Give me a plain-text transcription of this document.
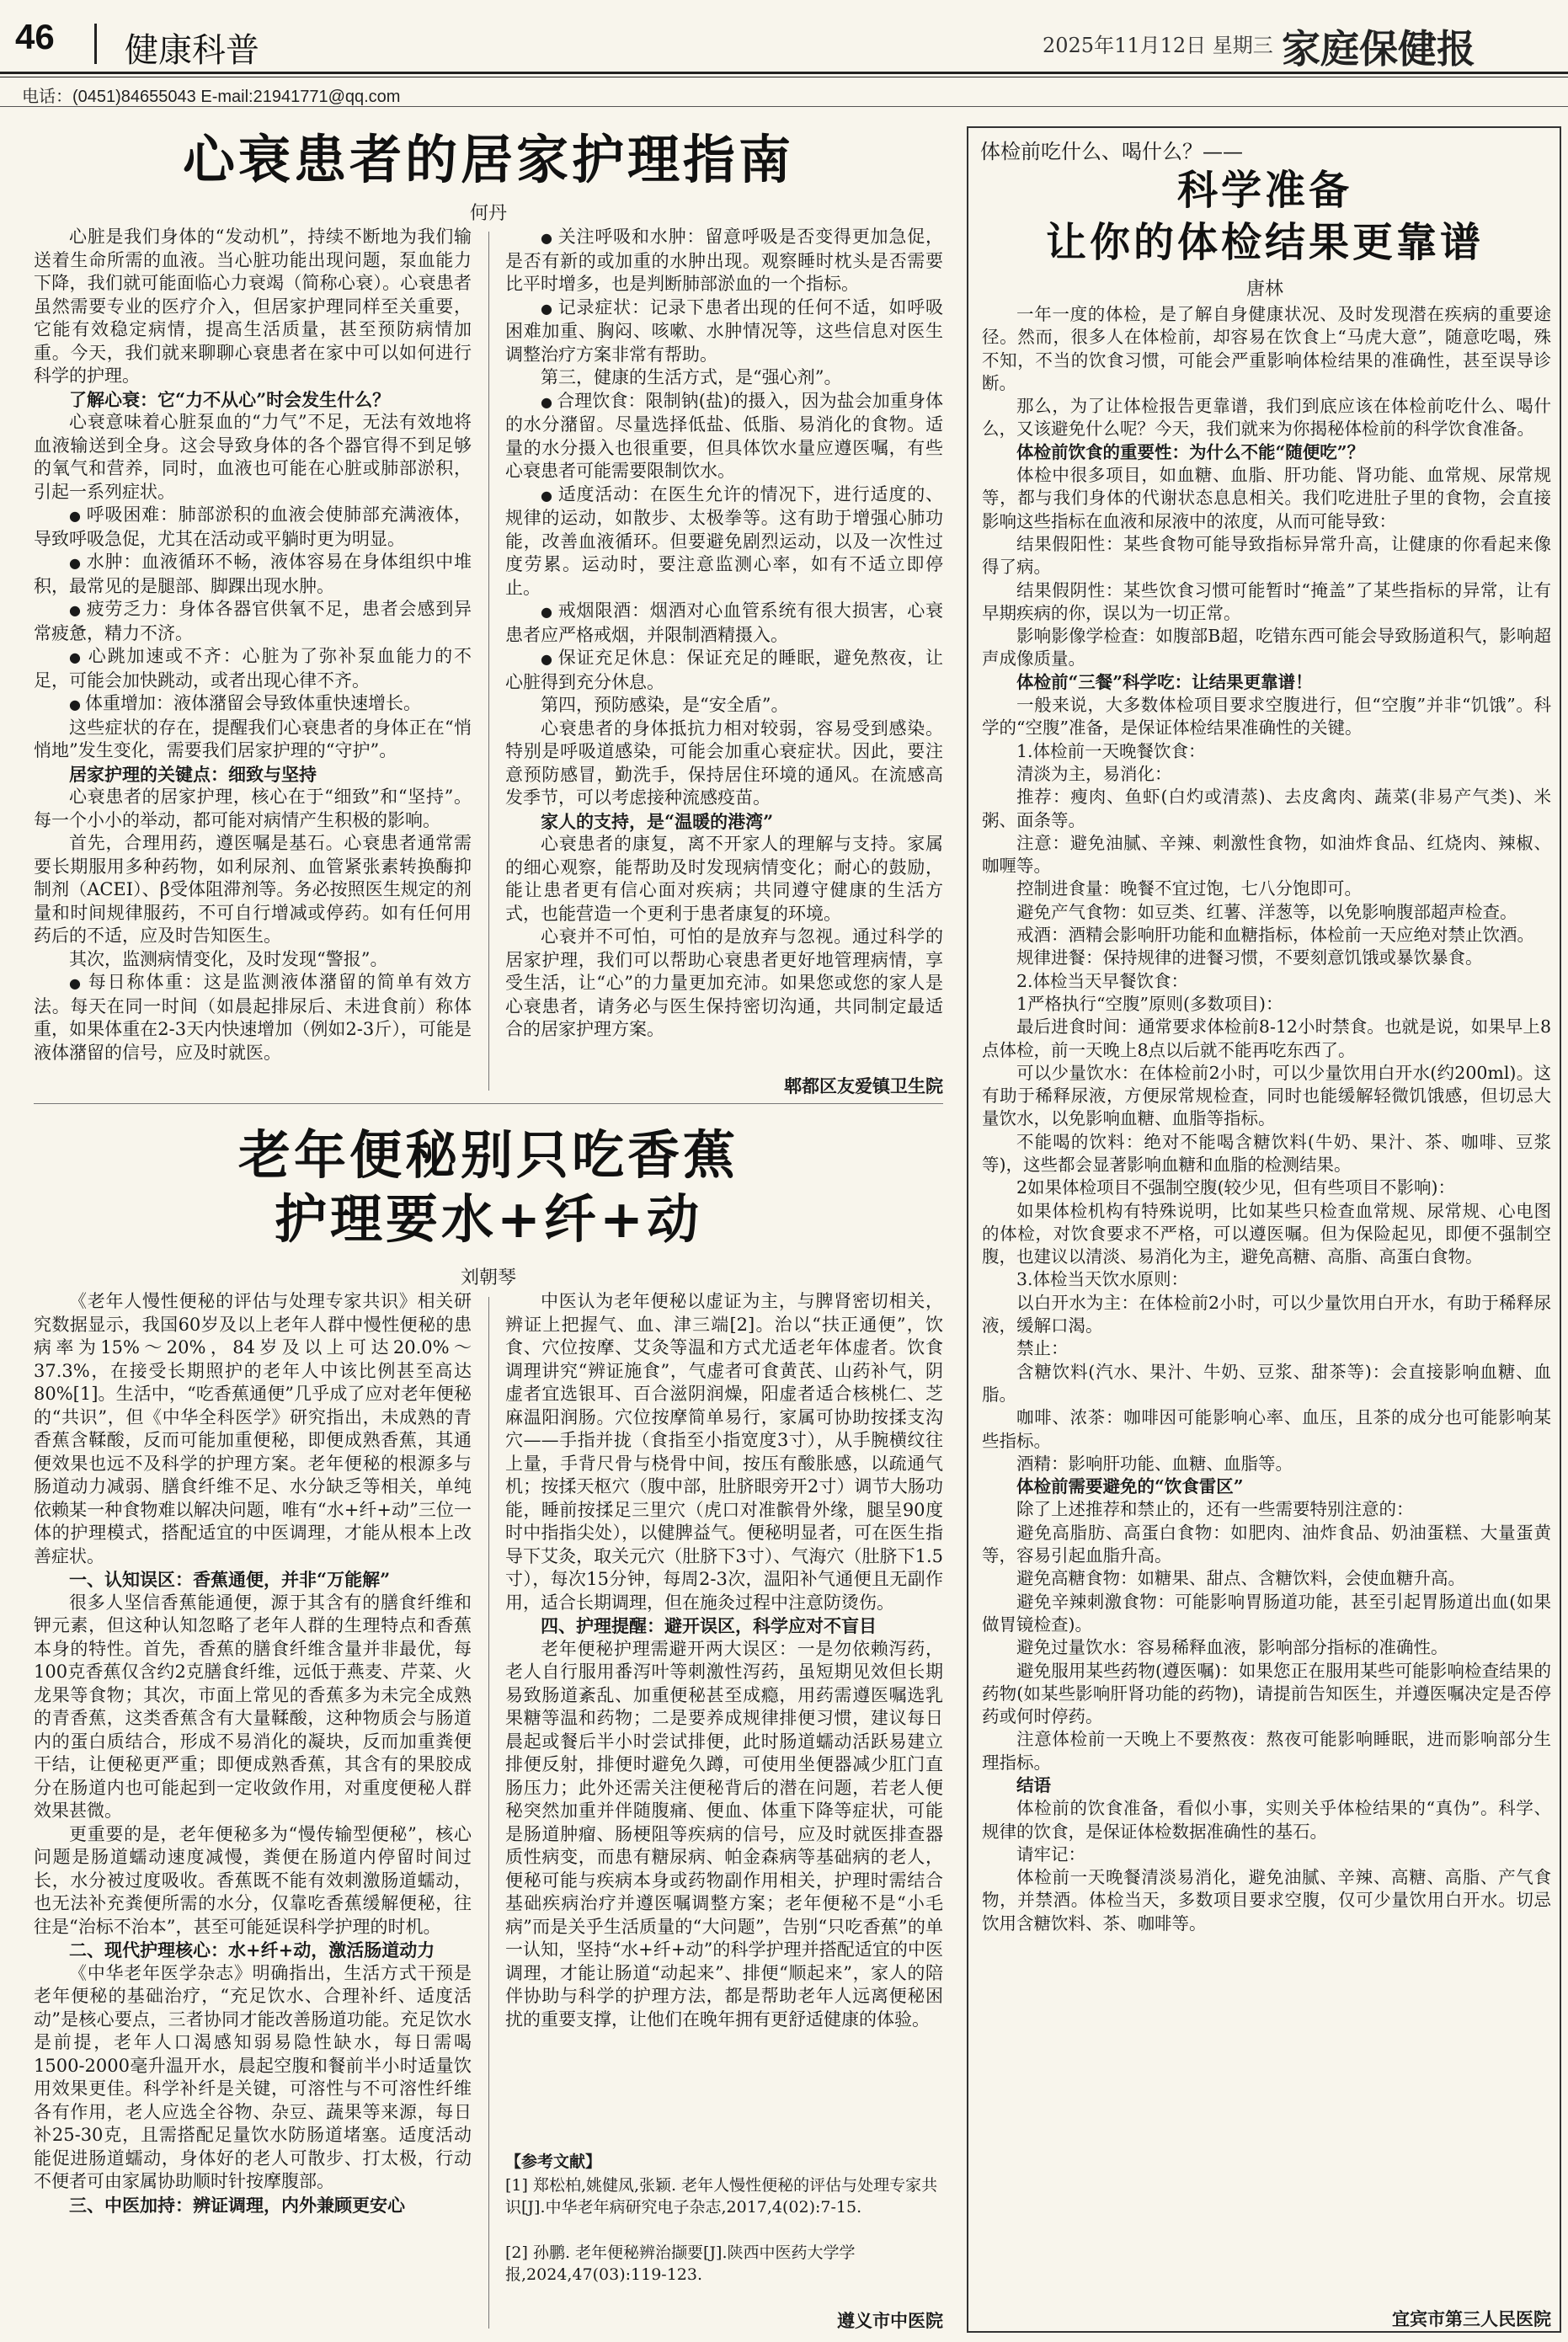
46 健康科普	2025年11月12日 星期三 家庭保健报
电话：(0451)84655043 E-mail:21941771@qq.com
心衰患者的居家护理指南
何丹

心脏是我们身体的“发动机”，持续不断地为我们输送着生命所需的血液。当心脏功能出现问题，泵血能力下降，我们就可能面临心力衰竭（简称心衰）。心衰患者虽然需要专业的医疗介入，但居家护理同样至关重要，它能有效稳定病情，提高生活质量，甚至预防病情加重。今天，我们就来聊聊心衰患者在家中可以如何进行科学的护理。

了解心衰：它“力不从心”时会发生什么？

心衰意味着心脏泵血的“力气”不足，无法有效地将血液输送到全身。这会导致身体的各个器官得不到足够的氧气和营养，同时，血液也可能在心脏或肺部淤积，引起一系列症状。

● 呼吸困难：肺部淤积的血液会使肺部充满液体，导致呼吸急促，尤其在活动或平躺时更为明显。

● 水肿：血液循环不畅，液体容易在身体组织中堆积，最常见的是腿部、脚踝出现水肿。

● 疲劳乏力：身体各器官供氧不足，患者会感到异常疲惫，精力不济。

● 心跳加速或不齐：心脏为了弥补泵血能力的不足，可能会加快跳动，或者出现心律不齐。

● 体重增加：液体潴留会导致体重快速增长。

这些症状的存在，提醒我们心衰患者的身体正在“悄悄地”发生变化，需要我们居家护理的“守护”。

居家护理的关键点：细致与坚持

心衰患者的居家护理，核心在于“细致”和“坚持”。每一个小小的举动，都可能对病情产生积极的影响。

首先，合理用药，遵医嘱是基石。心衰患者通常需要长期服用多种药物，如利尿剂、血管紧张素转换酶抑制剂（ACEI）、β受体阻滞剂等。务必按照医生规定的剂量和时间规律服药，不可自行增减或停药。如有任何用药后的不适，应及时告知医生。

其次，监测病情变化，及时发现“警报”。

● 每日称体重：这是监测液体潴留的简单有效方法。每天在同一时间（如晨起排尿后、未进食前）称体重，如果体重在2-3天内快速增加（例如2-3斤），可能是液体潴留的信号，应及时就医。

● 关注呼吸和水肿：留意呼吸是否变得更加急促，是否有新的或加重的水肿出现。观察睡时枕头是否需要比平时增多，也是判断肺部淤血的一个指标。

● 记录症状：记录下患者出现的任何不适，如呼吸困难加重、胸闷、咳嗽、水肿情况等，这些信息对医生调整治疗方案非常有帮助。

第三，健康的生活方式，是“强心剂”。

● 合理饮食：限制钠(盐)的摄入，因为盐会加重身体的水分潴留。尽量选择低盐、低脂、易消化的食物。适量的水分摄入也很重要，但具体饮水量应遵医嘱，有些心衰患者可能需要限制饮水。

● 适度活动：在医生允许的情况下，进行适度的、规律的运动，如散步、太极拳等。这有助于增强心肺功能，改善血液循环。但要避免剧烈运动，以及一次性过度劳累。运动时，要注意监测心率，如有不适立即停止。

● 戒烟限酒：烟酒对心血管系统有很大损害，心衰患者应严格戒烟，并限制酒精摄入。

● 保证充足休息：保证充足的睡眠，避免熬夜，让心脏得到充分休息。

第四，预防感染，是“安全盾”。

心衰患者的身体抵抗力相对较弱，容易受到感染。特别是呼吸道感染，可能会加重心衰症状。因此，要注意预防感冒，勤洗手，保持居住环境的通风。在流感高发季节，可以考虑接种流感疫苗。

家人的支持，是“温暖的港湾”

心衰患者的康复，离不开家人的理解与支持。家属的细心观察，能帮助及时发现病情变化；耐心的鼓励，能让患者更有信心面对疾病；共同遵守健康的生活方式，也能营造一个更利于患者康复的环境。

心衰并不可怕，可怕的是放弃与忽视。通过科学的居家护理，我们可以帮助心衰患者更好地管理病情，享受生活，让“心”的力量更加充沛。如果您或您的家人是心衰患者，请务必与医生保持密切沟通，共同制定最适合的居家护理方案。

郫都区友爱镇卫生院
老年便秘别只吃香蕉
护理要水+纤+动
刘朝琴

《老年人慢性便秘的评估与处理专家共识》相关研究数据显示，我国60岁及以上老年人群中慢性便秘的患病率为15%～20%，84岁及以上可达20.0%～37.3%，在接受长期照护的老年人中该比例甚至高达80%[1]。生活中，“吃香蕉通便”几乎成了应对老年便秘的“共识”，但《中华全科医学》研究指出，未成熟的青香蕉含鞣酸，反而可能加重便秘，即便成熟香蕉，其通便效果也远不及科学的护理方案。老年便秘的根源多与肠道动力减弱、膳食纤维不足、水分缺乏等相关，单纯依赖某一种食物难以解决问题，唯有“水+纤+动”三位一体的护理模式，搭配适宜的中医调理，才能从根本上改善症状。

一、认知误区：香蕉通便，并非“万能解”

很多人坚信香蕉能通便，源于其含有的膳食纤维和钾元素，但这种认知忽略了老年人群的生理特点和香蕉本身的特性。首先，香蕉的膳食纤维含量并非最优，每100克香蕉仅含约2克膳食纤维，远低于燕麦、芹菜、火龙果等食物；其次，市面上常见的香蕉多为未完全成熟的青香蕉，这类香蕉含有大量鞣酸，这种物质会与肠道内的蛋白质结合，形成不易消化的凝块，反而加重粪便干结，让便秘更严重；即便成熟香蕉，其含有的果胶成分在肠道内也可能起到一定收敛作用，对重度便秘人群效果甚微。

更重要的是，老年便秘多为“慢传输型便秘”，核心问题是肠道蠕动速度减慢，粪便在肠道内停留时间过长，水分被过度吸收。香蕉既不能有效刺激肠道蠕动，也无法补充粪便所需的水分，仅靠吃香蕉缓解便秘，往往是“治标不治本”，甚至可能延误科学护理的时机。

二、现代护理核心：水+纤+动，激活肠道动力

《中华老年医学杂志》明确指出，生活方式干预是老年便秘的基础治疗，“充足饮水、合理补纤、适度活动”是核心要点，三者协同才能改善肠道功能。充足饮水是前提，老年人口渴感知弱易隐性缺水，每日需喝1500-2000毫升温开水，晨起空腹和餐前半小时适量饮用效果更佳。科学补纤是关键，可溶性与不可溶性纤维各有作用，老人应选全谷物、杂豆、蔬果等来源，每日补25-30克，且需搭配足量饮水防肠道堵塞。适度活动能促进肠道蠕动，身体好的老人可散步、打太极，行动不便者可由家属协助顺时针按摩腹部。

三、中医加持：辨证调理，内外兼顾更安心

中医认为老年便秘以虚证为主，与脾肾密切相关，辨证上把握气、血、津三端[2]。治以“扶正通便”，饮食、穴位按摩、艾灸等温和方式尤适老年体虚者。饮食调理讲究“辨证施食”，气虚者可食黄芪、山药补气，阴虚者宜选银耳、百合滋阴润燥，阳虚者适合核桃仁、芝麻温阳润肠。穴位按摩简单易行，家属可协助按揉支沟穴——手指并拢（食指至小指宽度3寸），从手腕横纹往上量，手背尺骨与桡骨中间，按压有酸胀感，以疏通气机；按揉天枢穴（腹中部，肚脐眼旁开2寸）调节大肠功能，睡前按揉足三里穴（虎口对准髌骨外缘，腿呈90度时中指指尖处），以健脾益气。便秘明显者，可在医生指导下艾灸，取关元穴（肚脐下3寸）、气海穴（肚脐下1.5寸），每次15分钟，每周2-3次，温阳补气通便且无副作用，适合长期调理，但在施灸过程中注意防烫伤。

四、护理提醒：避开误区，科学应对不盲目

老年便秘护理需避开两大误区：一是勿依赖泻药，老人自行服用番泻叶等刺激性泻药，虽短期见效但长期易致肠道紊乱、加重便秘甚至成瘾，用药需遵医嘱选乳果糖等温和药物；二是要养成规律排便习惯，建议每日晨起或餐后半小时尝试排便，此时肠道蠕动活跃易建立排便反射，排便时避免久蹲，可使用坐便器减少肛门直肠压力；此外还需关注便秘背后的潜在问题，若老人便秘突然加重并伴随腹痛、便血、体重下降等症状，可能是肠道肿瘤、肠梗阻等疾病的信号，应及时就医排查器质性病变，而患有糖尿病、帕金森病等基础病的老人，便秘可能与疾病本身或药物副作用相关，护理时需结合基础疾病治疗并遵医嘱调整方案；老年便秘不是“小毛病”而是关乎生活质量的“大问题”，告别“只吃香蕉”的单一认知，坚持“水+纤+动”的科学护理并搭配适宜的中医调理，才能让肠道“动起来”、排便“顺起来”，家人的陪伴协助与科学的护理方法，都是帮助老年人远离便秘困扰的重要支撑，让他们在晚年拥有更舒适健康的体验。

【参考文献】
[1] 郑松柏,姚健凤,张颖. 老年人慢性便秘的评估与处理专家共识[J].中华老年病研究电子杂志,2017,4(02):7-15.
[2] 孙鹏. 老年便秘辨治撷要[J].陕西中医药大学学报,2024,47(03):119-123.
遵义市中医院
体检前吃什么、喝什么？——
科学准备
让你的体检结果更靠谱
唐林

一年一度的体检，是了解自身健康状况、及时发现潜在疾病的重要途径。然而，很多人在体检前，却容易在饮食上“马虎大意”，随意吃喝，殊不知，不当的饮食习惯，可能会严重影响体检结果的准确性，甚至误导诊断。

那么，为了让体检报告更靠谱，我们到底应该在体检前吃什么、喝什么，又该避免什么呢？今天，我们就来为你揭秘体检前的科学饮食准备。

体检前饮食的重要性：为什么不能“随便吃”？

体检中很多项目，如血糖、血脂、肝功能、肾功能、血常规、尿常规等，都与我们身体的代谢状态息息相关。我们吃进肚子里的食物，会直接影响这些指标在血液和尿液中的浓度，从而可能导致：

结果假阳性：某些食物可能导致指标异常升高，让健康的你看起来像得了病。

结果假阴性：某些饮食习惯可能暂时“掩盖”了某些指标的异常，让有早期疾病的你，误以为一切正常。

影响影像学检查：如腹部B超，吃错东西可能会导致肠道积气，影响超声成像质量。

体检前“三餐”科学吃：让结果更靠谱！

一般来说，大多数体检项目要求空腹进行，但“空腹”并非“饥饿”。科学的“空腹”准备，是保证体检结果准确性的关键。

1.体检前一天晚餐饮食：

清淡为主，易消化：

推荐：瘦肉、鱼虾(白灼或清蒸)、去皮禽肉、蔬菜(非易产气类)、米粥、面条等。

注意：避免油腻、辛辣、刺激性食物，如油炸食品、红烧肉、辣椒、咖喱等。

控制进食量：晚餐不宜过饱，七八分饱即可。

避免产气食物：如豆类、红薯、洋葱等，以免影响腹部超声检查。

戒酒：酒精会影响肝功能和血糖指标，体检前一天应绝对禁止饮酒。

规律进餐：保持规律的进餐习惯，不要刻意饥饿或暴饮暴食。

2.体检当天早餐饮食：

1严格执行“空腹”原则(多数项目)：

最后进食时间：通常要求体检前8-12小时禁食。也就是说，如果早上8点体检，前一天晚上8点以后就不能再吃东西了。

可以少量饮水：在体检前2小时，可以少量饮用白开水(约200ml)。这有助于稀释尿液，方便尿常规检查，同时也能缓解轻微饥饿感，但切忌大量饮水，以免影响血糖、血脂等指标。

不能喝的饮料：绝对不能喝含糖饮料(牛奶、果汁、茶、咖啡、豆浆等)，这些都会显著影响血糖和血脂的检测结果。

2如果体检项目不强制空腹(较少见，但有些项目不影响)：

如果体检机构有特殊说明，比如某些只检查血常规、尿常规、心电图的体检，对饮食要求不严格，可以遵医嘱。但为保险起见，即便不强制空腹，也建议以清淡、易消化为主，避免高糖、高脂、高蛋白食物。

3.体检当天饮水原则：

以白开水为主：在体检前2小时，可以少量饮用白开水，有助于稀释尿液，缓解口渴。

禁止：

含糖饮料(汽水、果汁、牛奶、豆浆、甜茶等)：会直接影响血糖、血脂。

咖啡、浓茶：咖啡因可能影响心率、血压，且茶的成分也可能影响某些指标。

酒精：影响肝功能、血糖、血脂等。

体检前需要避免的“饮食雷区”

除了上述推荐和禁止的，还有一些需要特别注意的：

避免高脂肪、高蛋白食物：如肥肉、油炸食品、奶油蛋糕、大量蛋黄等，容易引起血脂升高。

避免高糖食物：如糖果、甜点、含糖饮料，会使血糖升高。

避免辛辣刺激食物：可能影响胃肠道功能，甚至引起胃肠道出血(如果做胃镜检查)。

避免过量饮水：容易稀释血液，影响部分指标的准确性。

避免服用某些药物(遵医嘱)：如果您正在服用某些可能影响检查结果的药物(如某些影响肝肾功能的药物)，请提前告知医生，并遵医嘱决定是否停药或何时停药。

注意体检前一天晚上不要熬夜：熬夜可能影响睡眠，进而影响部分生理指标。

结语

体检前的饮食准备，看似小事，实则关乎体检结果的“真伪”。科学、规律的饮食，是保证体检数据准确性的基石。

请牢记：

体检前一天晚餐清淡易消化，避免油腻、辛辣、高糖、高脂、产气食物，并禁酒。体检当天，多数项目要求空腹，仅可少量饮用白开水。切忌饮用含糖饮料、茶、咖啡等。

宜宾市第三人民医院
